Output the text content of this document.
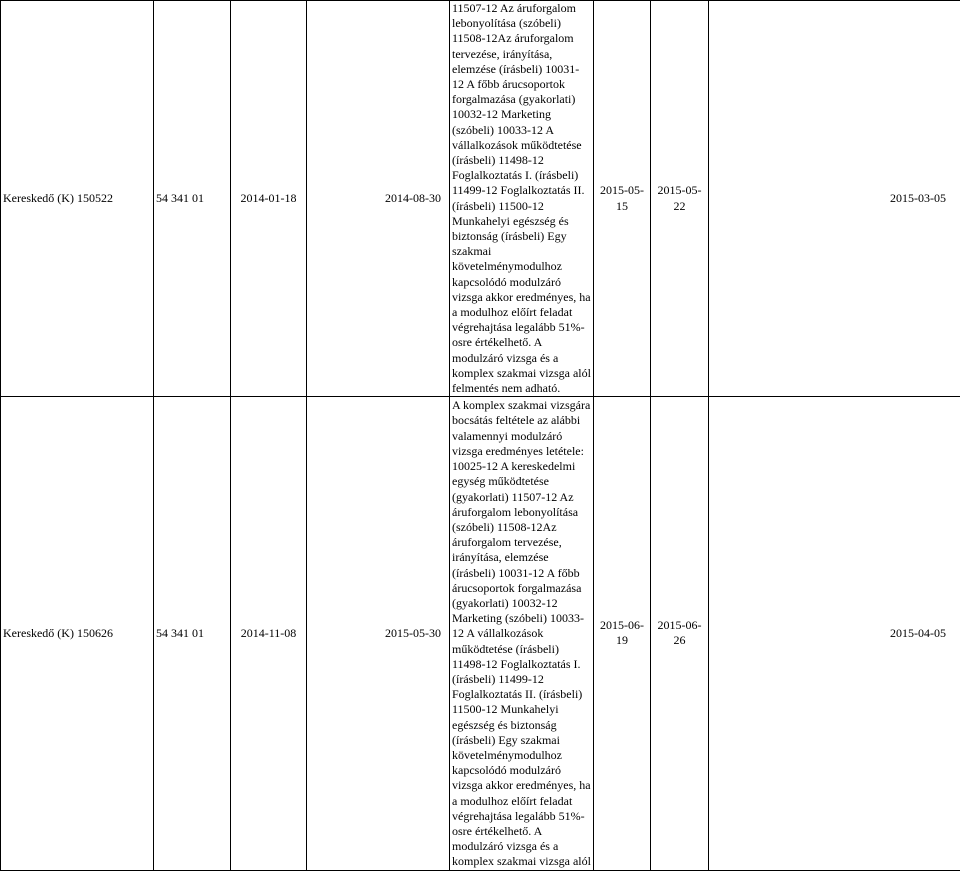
Kereskedő (K) 150522	54 341 01	2014-01-18	2014-08-30	11507-12 Az áruforgalom lebonyolítása (szóbeli) 11508-12Az áruforgalom tervezése, irányítása, elemzése (írásbeli) 10031-12 A főbb árucsoportok forgalmazása (gyakorlati) 10032-12 Marketing (szóbeli) 10033-12 A vállalkozások működtetése (írásbeli) 11498-12 Foglalkoztatás I. (írásbeli) 11499-12 Foglalkoztatás II. (írásbeli) 11500-12 Munkahelyi egészség és biztonság (írásbeli) Egy szakmai követelménymodulhoz kapcsolódó modulzáró vizsga akkor eredményes, ha a modulhoz előírt feladat végrehajtása legalább 51%-osre értékelhető. A modulzáró vizsga és a komplex szakmai vizsga alól felmentés nem adható.	2015-05-15	2015-05-22	2015-03-05
Kereskedő (K) 150626	54 341 01	2014-11-08	2015-05-30	A komplex szakmai vizsgára bocsátás feltétele az alábbi valamennyi modulzáró vizsga eredményes letétele: 10025-12 A kereskedelmi egység működtetése (gyakorlati) 11507-12 Az áruforgalom lebonyolítása (szóbeli) 11508-12Az áruforgalom tervezése, irányítása, elemzése (írásbeli) 10031-12 A főbb árucsoportok forgalmazása (gyakorlati) 10032-12 Marketing (szóbeli) 10033-12 A vállalkozások működtetése (írásbeli) 11498-12 Foglalkoztatás I. (írásbeli) 11499-12 Foglalkoztatás II. (írásbeli) 11500-12 Munkahelyi egészség és biztonság (írásbeli) Egy szakmai követelménymodulhoz kapcsolódó modulzáró vizsga akkor eredményes, ha a modulhoz előírt feladat végrehajtása legalább 51%-osre értékelhető. A modulzáró vizsga és a komplex szakmai vizsga alól	2015-06-19	2015-06-26	2015-04-05
